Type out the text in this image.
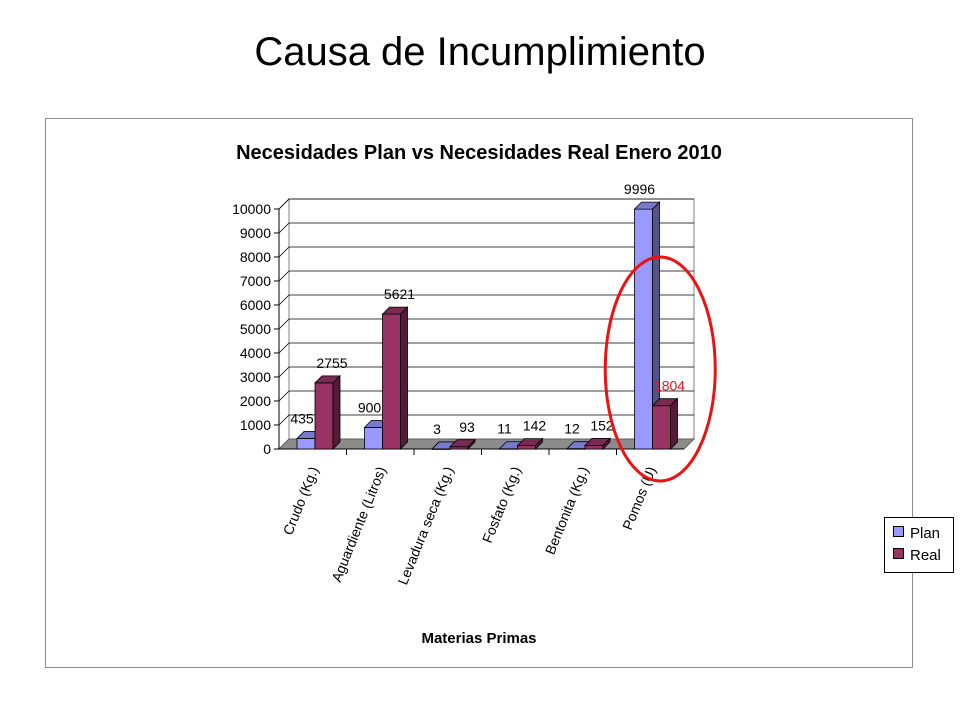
Causa de Incumplimiento
Necesidades Plan vs Necesidades Real Enero 2010
Materias Primas
0
1000
2000
3000
4000
5000
6000
7000
8000
9000
10000
Crudo (Kg.)
435
2755
Aguardiente (Litros)
900
5621
Levadura seca (Kg.)
3 93
Fosfato (Kg.)
11 142
Bentonita (Kg.)
12 152
Pomos (U)
9996
1804
Plan
Real
